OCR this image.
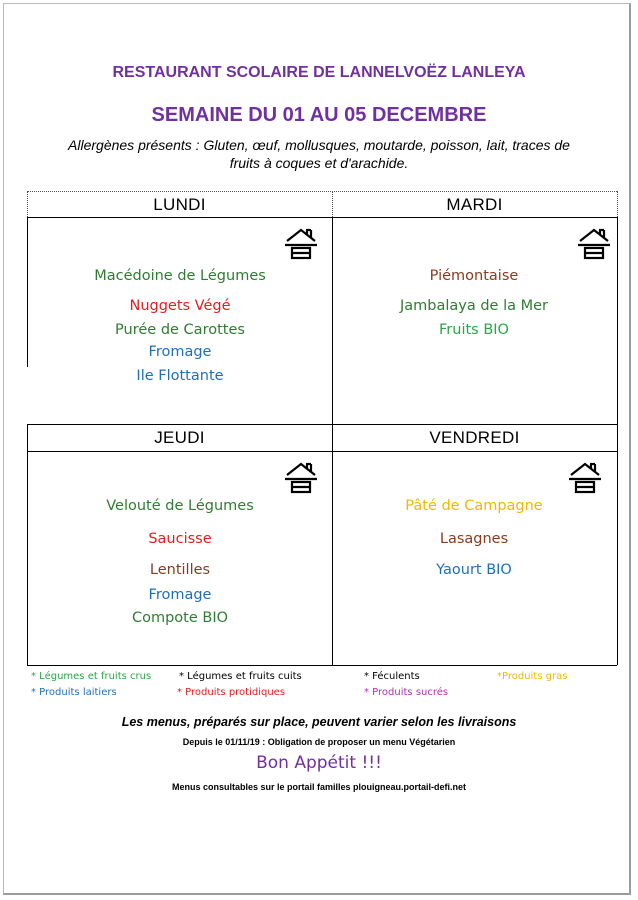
RESTAURANT SCOLAIRE DE LANNELVOËZ LANLEYA
SEMAINE DU 01 AU 05 DECEMBRE
Allergènes présents : Gluten, œuf, mollusques, moutarde, poisson, lait, traces de
fruits à coques et d'arachide.
LUNDI	MARDI
JEUDI	VENDREDI
Macédoine de Légumes
Nuggets Végé
Purée de Carottes
Fromage
Ile Flottante
Piémontaise
Jambalaya de la Mer
Fruits BIO
Velouté de Légumes
Saucisse
Lentilles
Fromage
Compote BIO
Pâté de Campagne
Lasagnes
Yaourt BIO
* Légumes et fruits crus	* Légumes et fruits cuits	* Féculents	*Produits gras
* Produits laitiers	* Produits protidiques	* Produits sucrés
Les menus, préparés sur place, peuvent varier selon les livraisons
Depuis le 01/11/19 : Obligation de proposer un menu Végétarien
Bon Appétit !!!
Menus consultables sur le portail familles plouigneau.portail-defi.net
